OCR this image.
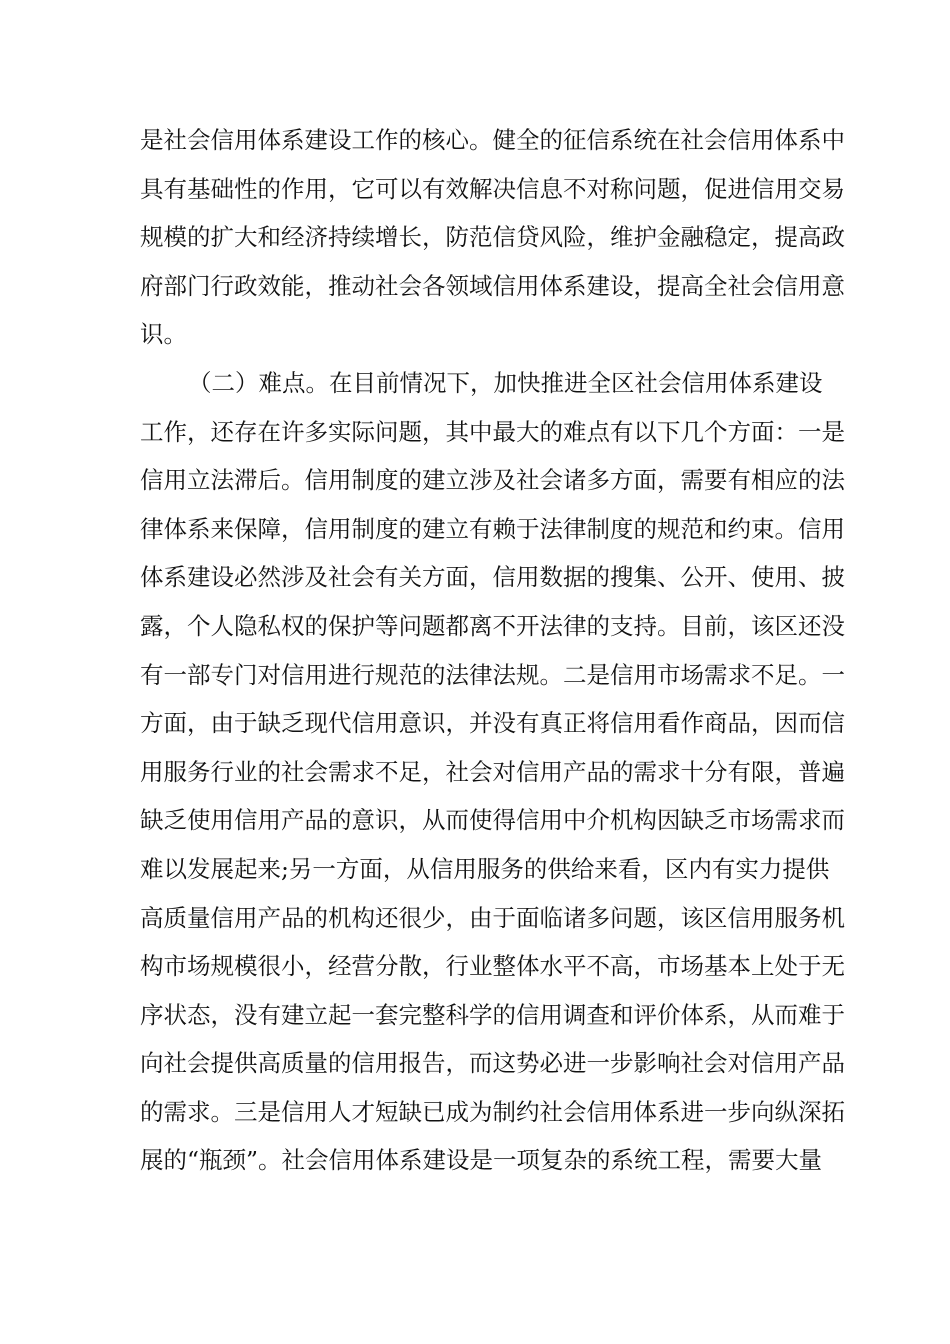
是社会信用体系建设工作的核心。健全的征信系统在社会信用体系中
具有基础性的作用，它可以有效解决信息不对称问题，促进信用交易
规模的扩大和经济持续增长，防范信贷风险，维护金融稳定，提高政
府部门行政效能，推动社会各领域信用体系建设，提高全社会信用意
识。
（二）难点。在目前情况下，加快推进全区社会信用体系建设
工作，还存在许多实际问题，其中最大的难点有以下几个方面：一是
信用立法滞后。信用制度的建立涉及社会诸多方面，需要有相应的法
律体系来保障，信用制度的建立有赖于法律制度的规范和约束。信用
体系建设必然涉及社会有关方面，信用数据的搜集、公开、使用、披
露，个人隐私权的保护等问题都离不开法律的支持。目前，该区还没
有一部专门对信用进行规范的法律法规。二是信用市场需求不足。一
方面，由于缺乏现代信用意识，并没有真正将信用看作商品，因而信
用服务行业的社会需求不足，社会对信用产品的需求十分有限，普遍
缺乏使用信用产品的意识，从而使得信用中介机构因缺乏市场需求而
难以发展起来;另一方面，从信用服务的供给来看，区内有实力提供
高质量信用产品的机构还很少，由于面临诸多问题，该区信用服务机
构市场规模很小，经营分散，行业整体水平不高，市场基本上处于无
序状态，没有建立起一套完整科学的信用调查和评价体系，从而难于
向社会提供高质量的信用报告，而这势必进一步影响社会对信用产品
的需求。三是信用人才短缺已成为制约社会信用体系进一步向纵深拓
展的“瓶颈”。社会信用体系建设是一项复杂的系统工程，需要大量
